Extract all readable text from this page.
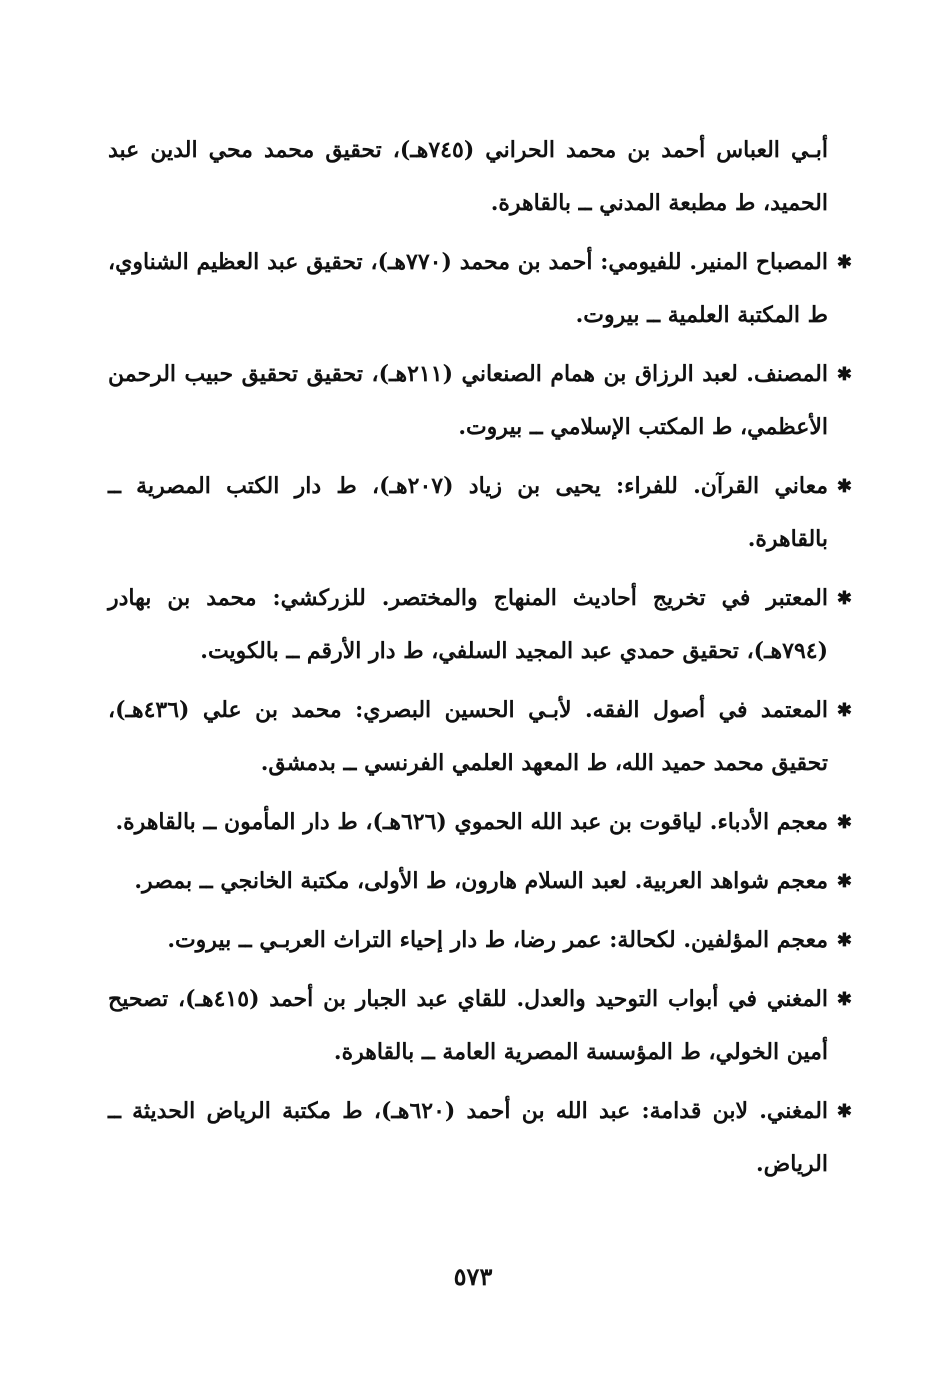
أبـي العباس أحمد بن محمد الحراني (٧٤٥هـ)، تحقيق محمد محي الدين عبد الحميد، ط مطبعة المدني ــ بالقاهرة.

✱
المصباح المنير. للفيومي: أحمد بن محمد (٧٧٠هـ)، تحقيق عبد العظيم الشناوي، ط المكتبة العلمية ــ بيروت.
✱
المصنف. لعبد الرزاق بن همام الصنعاني (٢١١هـ)، تحقيق تحقيق حبيب الرحمن الأعظمي، ط المكتب الإسلامي ــ بيروت.
✱
معاني القرآن. للفراء: يحيى بن زياد (٢٠٧هـ)، ط دار الكتب المصرية ــ بالقاهرة.
✱
المعتبر في تخريج أحاديث المنهاج والمختصر. للزركشي: محمد بن بهادر (٧٩٤هـ)، تحقيق حمدي عبد المجيد السلفي، ط دار الأرقم ــ بالكويت.
✱
المعتمد في أصول الفقه. لأبـي الحسين البصري: محمد بن علي (٤٣٦هـ)، تحقيق محمد حميد الله، ط المعهد العلمي الفرنسي ــ بدمشق.
✱
معجم الأدباء. لياقوت بن عبد الله الحموي (٦٢٦هـ)، ط دار المأمون ــ بالقاهرة.
✱
معجم شواهد العربية. لعبد السلام هارون، ط الأولى، مكتبة الخانجي ــ بمصر.
✱
معجم المؤلفين. لكحالة: عمر رضا، ط دار إحياء التراث العربـي ــ بيروت.
✱
المغني في أبواب التوحيد والعدل. للقاي عبد الجبار بن أحمد (٤١٥هـ)، تصحيح أمين الخولي، ط المؤسسة المصرية العامة ــ بالقاهرة.
✱
المغني. لابن قدامة: عبد الله بن أحمد (٦٢٠هـ)، ط مكتبة الرياض الحديثة ــ الرياض.
٥٧٣
